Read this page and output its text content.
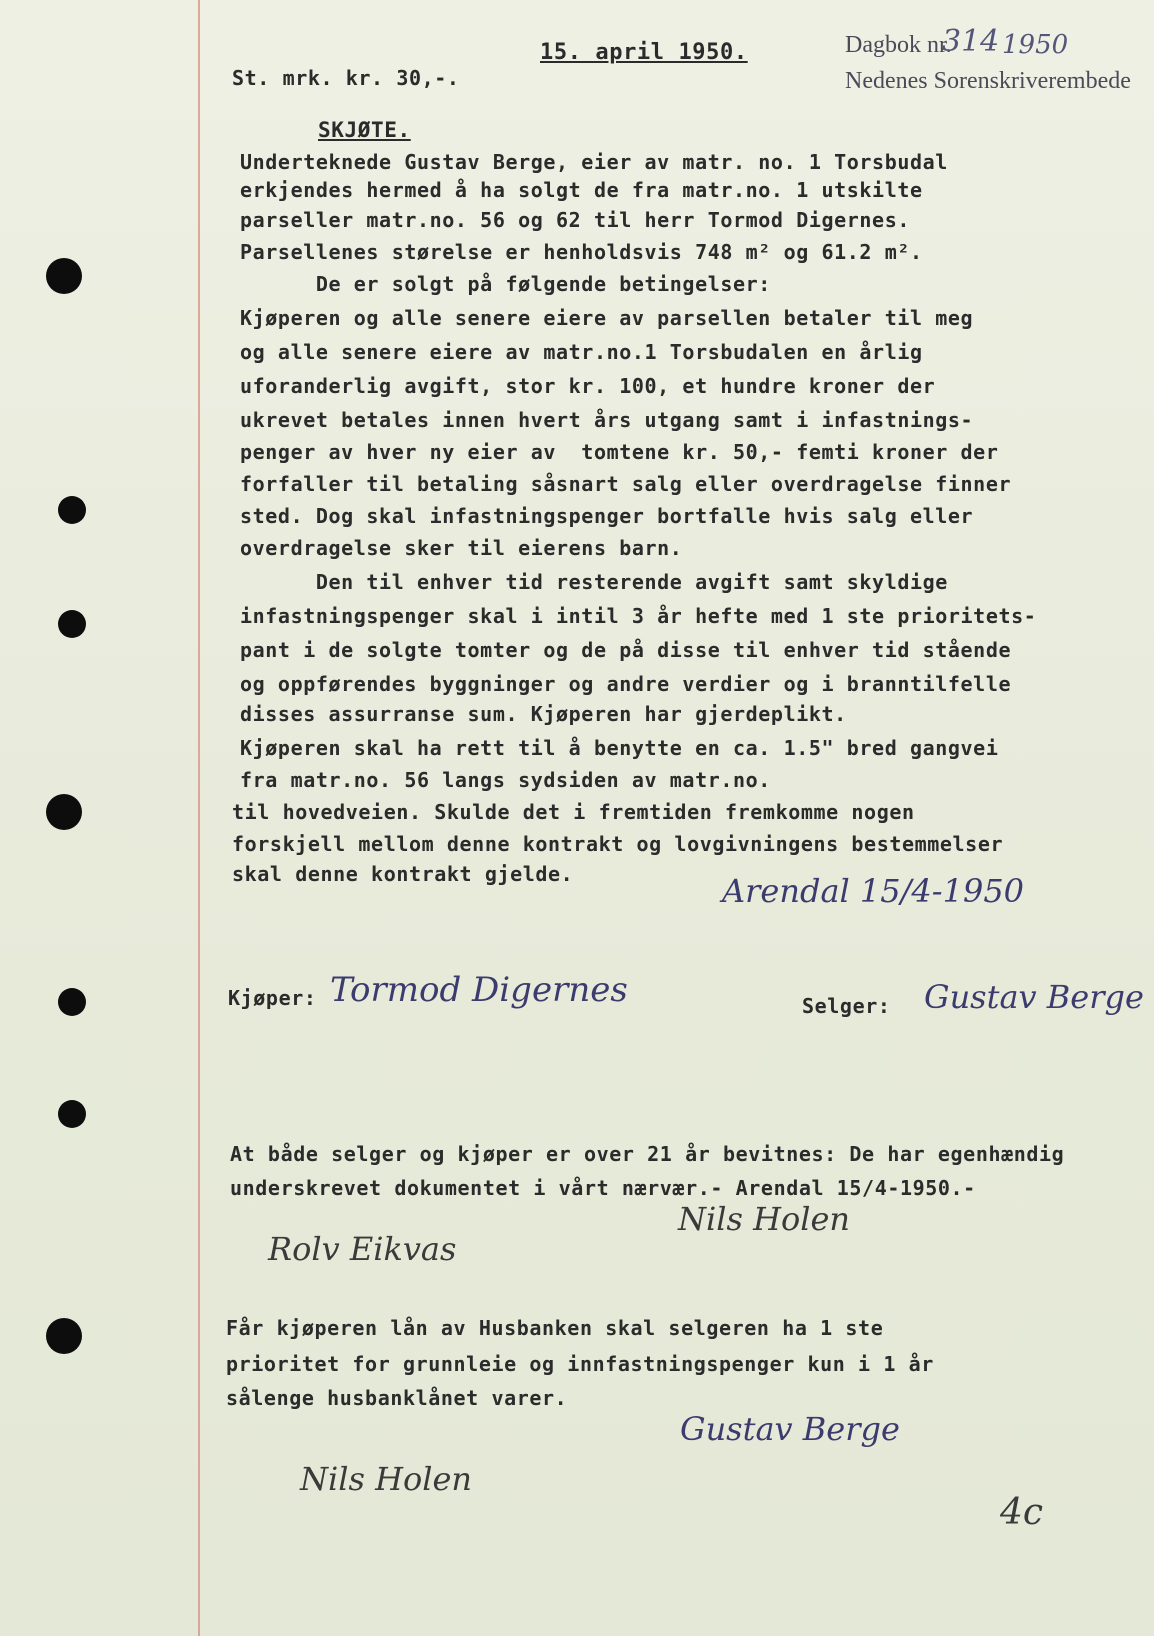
St. mrk. kr. 30,-.
15. april 1950.	Dagbok nr.
314 1950
Nedenes Sorenskriverembede
SKJØTE.
Underteknede Gustav Berge, eier av matr. no. 1 Torsbudal
erkjendes hermed å ha solgt de fra matr.no. 1 utskilte
parseller matr.no. 56 og 62 til herr Tormod Digernes.
Parsellenes størelse er henholdsvis 748 m² og 61.2 m².
De er solgt på følgende betingelser:
Kjøperen og alle senere eiere av parsellen betaler til meg
og alle senere eiere av matr.no.1 Torsbudalen en årlig
uforanderlig avgift, stor kr. 100, et hundre kroner der
ukrevet betales innen hvert års utgang samt i infastnings-
penger av hver ny eier av  tomtene kr. 50,- femti kroner der
forfaller til betaling såsnart salg eller overdragelse finner
sted. Dog skal infastningspenger bortfalle hvis salg eller
overdragelse sker til eierens barn.
Den til enhver tid resterende avgift samt skyldige
infastningspenger skal i intil 3 år hefte med 1 ste prioritets-
pant i de solgte tomter og de på disse til enhver tid stående
og oppførendes byggninger og andre verdier og i branntilfelle
disses assurranse sum. Kjøperen har gjerdeplikt.
Kjøperen skal ha rett til å benytte en ca. 1.5" bred gangvei
fra matr.no. 56 langs sydsiden av matr.no.
til hovedveien. Skulde det i fremtiden fremkomme nogen
forskjell mellom denne kontrakt og lovgivningens bestemmelser
skal denne kontrakt gjelde.	Arendal 15/4-1950
Kjøper: Tormod Digernes	Selger: Gustav Berge
At både selger og kjøper er over 21 år bevitnes: De har egenhændig
underskrevet dokumentet i vårt nærvær.- Arendal 15/4-1950.-
Rolv Eikvas
Nils Holen
Får kjøperen lån av Husbanken skal selgeren ha 1 ste
prioritet for grunnleie og innfastningspenger kun i 1 år
sålenge husbanklånet varer.
Gustav Berge
Nils Holen
4c
